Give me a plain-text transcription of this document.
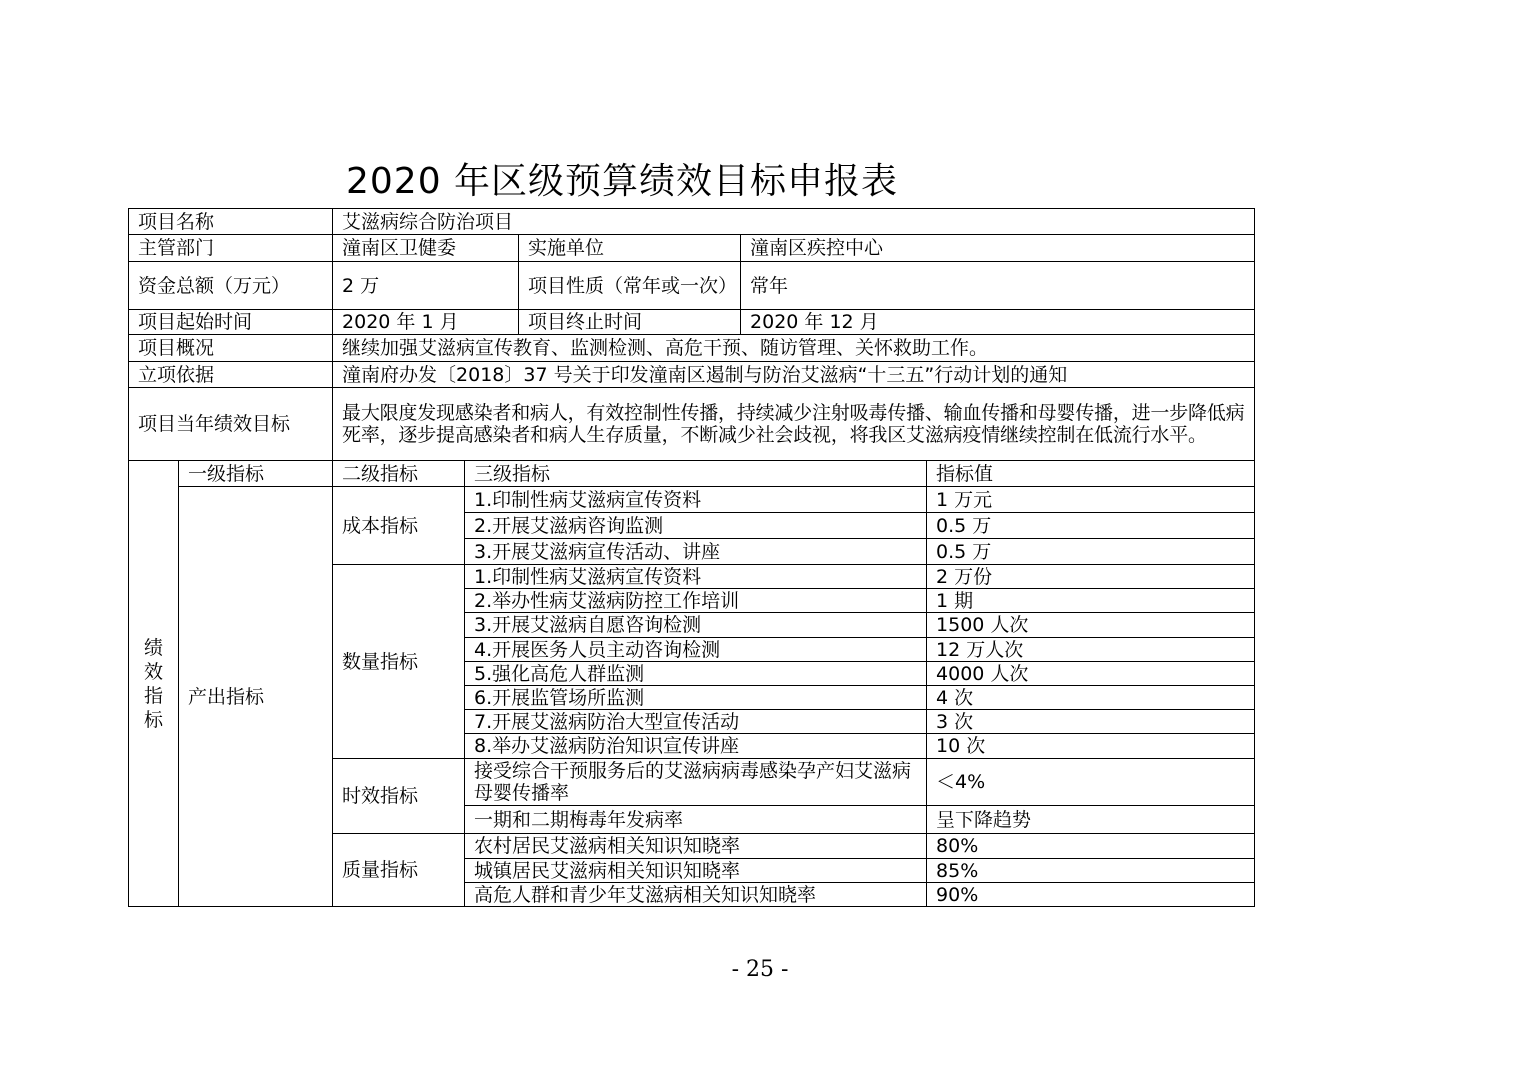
2020 年区级预算绩效目标申报表
项目名称		艾滋病综合防治项目				
主管部门		潼南区卫健委		实施单位	潼南区疾控中心	
资金总额（万元）		2 万		项目性质（常年或一次）	常年	
项目起始时间		2020 年 1 月		项目终止时间	2020 年 12 月	
项目概况		继续加强艾滋病宣传教育、监测检测、高危干预、随访管理、关怀救助工作。				
立项依据		潼南府办发〔2018〕37 号关于印发潼南区遏制与防治艾滋病“十三五”行动计划的通知				
项目当年绩效目标		最大限度发现感染者和病人，有效控制性传播，持续减少注射吸毒传播、输血传播和母婴传播，进一步降低病死率，逐步提高感染者和病人生存质量，不断减少社会歧视，将我区艾滋病疫情继续控制在低流行水平。				
绩效指标	一级指标	二级指标	三级指标			指标值
	产出指标	成本指标	1.印制性病艾滋病宣传资料			1 万元
			2.开展艾滋病咨询监测			0.5 万
			3.开展艾滋病宣传活动、讲座			0.5 万
		数量指标	1.印制性病艾滋病宣传资料			2 万份
			2.举办性病艾滋病防控工作培训			1 期
			3.开展艾滋病自愿咨询检测			1500 人次
			4.开展医务人员主动咨询检测			12 万人次
			5.强化高危人群监测			4000 人次
			6.开展监管场所监测			4 次
			7.开展艾滋病防治大型宣传活动			3 次
			8.举办艾滋病防治知识宣传讲座			10 次
		时效指标	接受综合干预服务后的艾滋病病毒感染孕产妇艾滋病母婴传播率			＜4%
			一期和二期梅毒年发病率			呈下降趋势
		质量指标	农村居民艾滋病相关知识知晓率			80%
			城镇居民艾滋病相关知识知晓率			85%
			高危人群和青少年艾滋病相关知识知晓率			90%
- 25 -
